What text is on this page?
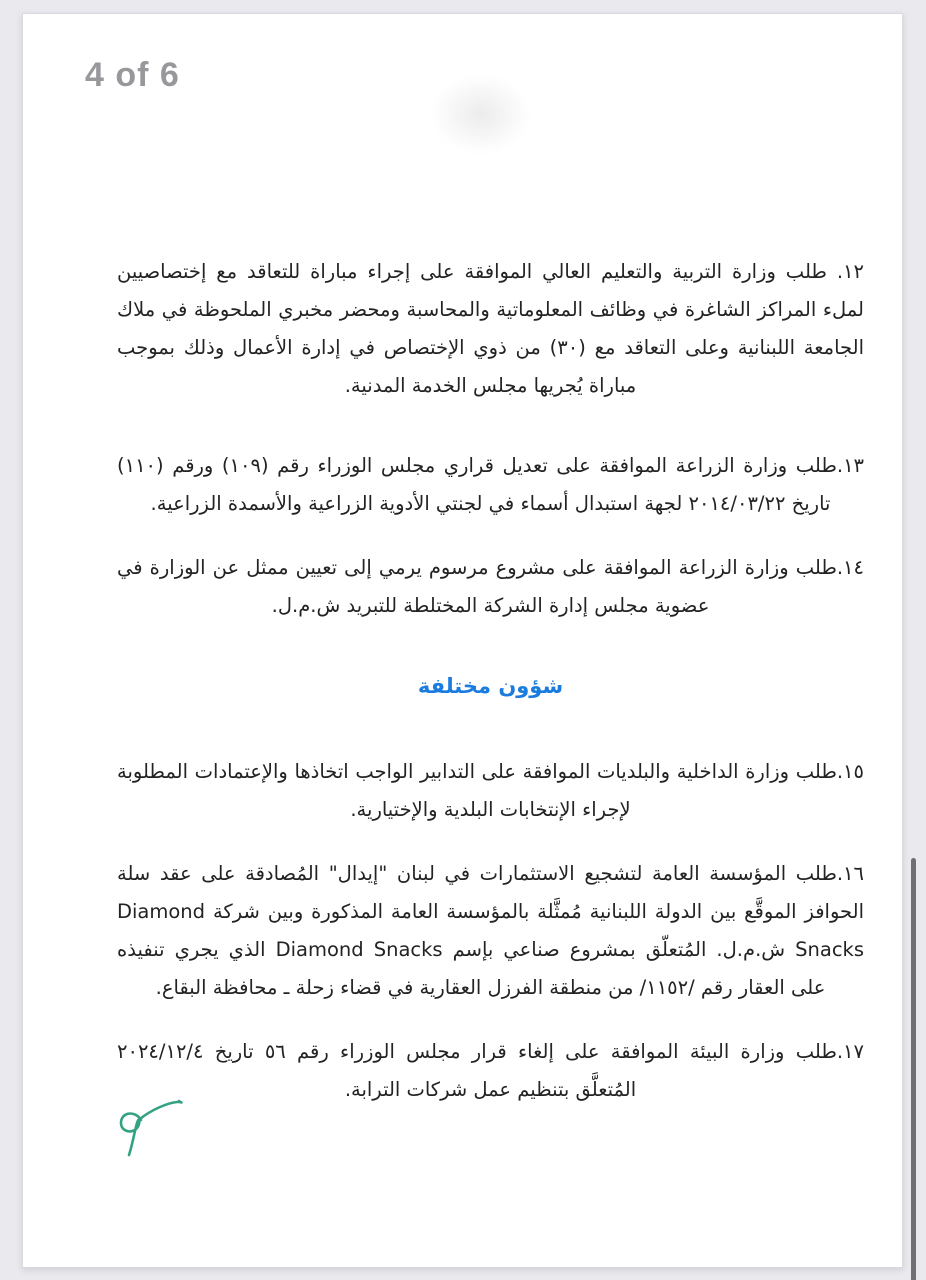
4 of 6

١٢. طلب وزارة التربية والتعليم العالي الموافقة على إجراء مباراة للتعاقد مع إختصاصيين لملء المراكز الشاغرة في وظائف المعلوماتية والمحاسبة ومحضر مخبري الملحوظة في ملاك الجامعة اللبنانية وعلى التعاقد مع (٣٠) من ذوي الإختصاص في إدارة الأعمال وذلك بموجب مباراة يُجريها مجلس الخدمة المدنية.

١٣.طلب وزارة الزراعة الموافقة على تعديل قراري مجلس الوزراء رقم (١٠٩) ورقم (١١٠) تاريخ ٢٠١٤/٠٣/٢٢ لجهة استبدال أسماء في لجنتي الأدوية الزراعية والأسمدة الزراعية.

١٤.طلب وزارة الزراعة الموافقة على مشروع مرسوم يرمي إلى تعيين ممثل عن الوزارة في عضوية مجلس إدارة الشركة المختلطة للتبريد ش.م.ل.

شؤون مختلفة

١٥.طلب وزارة الداخلية والبلديات الموافقة على التدابير الواجب اتخاذها والإعتمادات المطلوبة لإجراء الإنتخابات البلدية والإختيارية.

١٦.طلب المؤسسة العامة لتشجيع الاستثمارات في لبنان "إيدال" المُصادقة على عقد سلة الحوافز الموقَّع بين الدولة اللبنانية مُمثَّلة بالمؤسسة العامة المذكورة وبين شركة Diamond Snacks ش.م.ل. المُتعلّق بمشروع صناعي بإسم Diamond Snacks الذي يجري تنفيذه على العقار رقم /١١٥٢/ من منطقة الفرزل العقارية في قضاء زحلة ـ محافظة البقاع.

١٧.طلب وزارة البيئة الموافقة على إلغاء قرار مجلس الوزراء رقم ٥٦ تاريخ ٢٠٢٤/١٢/٤ المُتعلَّق بتنظيم عمل شركات الترابة.
